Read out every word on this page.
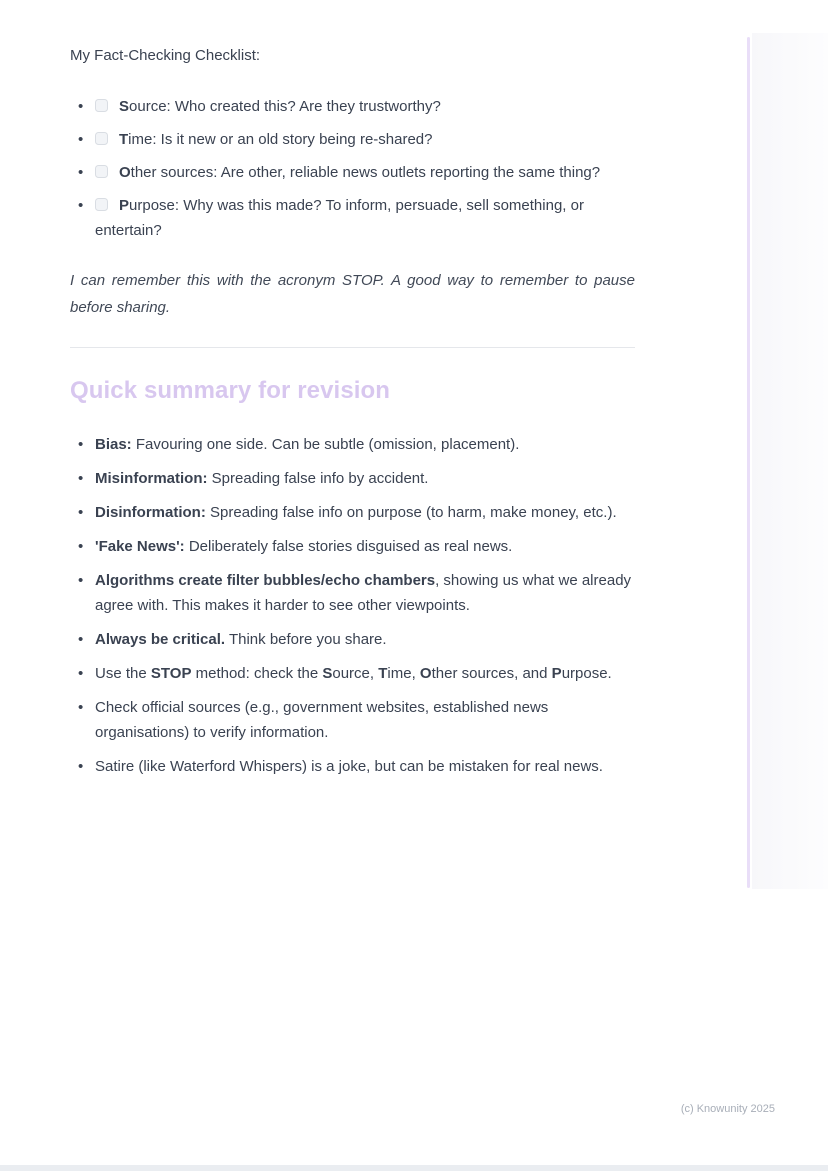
My Fact-Checking Checklist:

• Source: Who created this? Are they trustworthy?
• Time: Is it new or an old story being re-shared?
• Other sources: Are other, reliable news outlets reporting the same thing?
• Purpose: Why was this made? To inform, persuade, sell something, or entertain?

I can remember this with the acronym STOP. A good way to remember to pause before sharing.

Quick summary for revision
• Bias: Favouring one side. Can be subtle (omission, placement).
• Misinformation: Spreading false info by accident.
• Disinformation: Spreading false info on purpose (to harm, make money, etc.).
• 'Fake News': Deliberately false stories disguised as real news.
• Algorithms create filter bubbles/echo chambers, showing us what we already agree with. This makes it harder to see other viewpoints.
• Always be critical. Think before you share.
• Use the STOP method: check the Source, Time, Other sources, and Purpose.
• Check official sources (e.g., government websites, established news organisations) to verify information.
• Satire (like Waterford Whispers) is a joke, but can be mistaken for real news.
(c) Knowunity 2025
